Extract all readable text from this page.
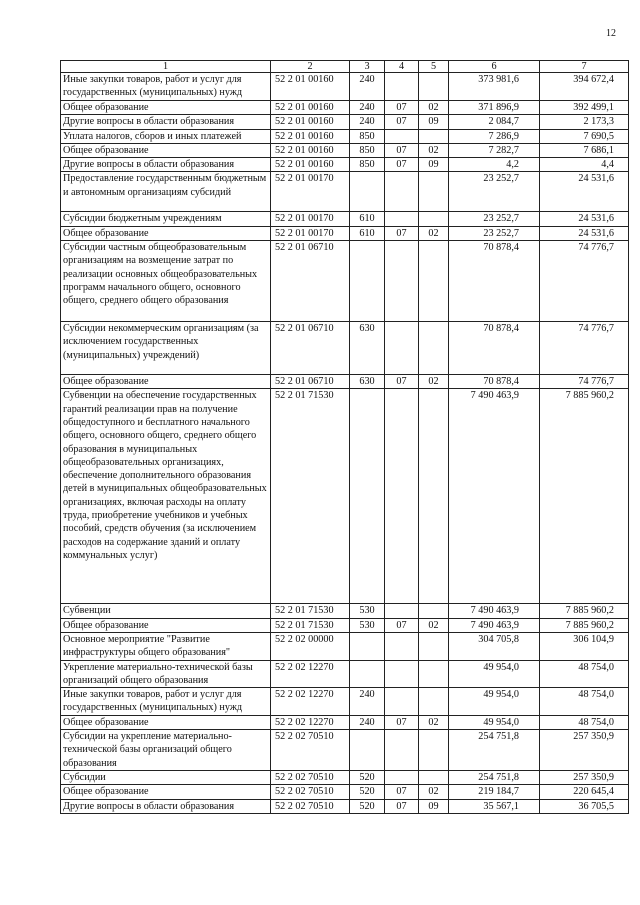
12
1	2	3	4	5	6	7
Иные закупки товаров, работ и услуг для государственных (муниципальных) нужд	52 2 01 00160	240			373 981,6	394 672,4
Общее образование	52 2 01 00160	240	07	02	371 896,9	392 499,1
Другие вопросы в области образования	52 2 01 00160	240	07	09	2 084,7	2 173,3
Уплата налогов, сборов и иных платежей	52 2 01 00160	850			7 286,9	7 690,5
Общее образование	52 2 01 00160	850	07	02	7 282,7	7 686,1
Другие вопросы в области образования	52 2 01 00160	850	07	09	4,2	4,4
Предоставление государственным бюджетным и автономным организациям субсидий	52 2 01 00170				23 252,7	24 531,6
Субсидии бюджетным учреждениям	52 2 01 00170	610			23 252,7	24 531,6
Общее образование	52 2 01 00170	610	07	02	23 252,7	24 531,6
Субсидии частным общеобразовательным организациям на возмещение затрат по реализации основных общеобразовательных программ начального общего, основного общего, среднего общего образования	52 2 01 06710				70 878,4	74 776,7
Субсидии некоммерческим организациям (за исключением государственных (муниципальных) учреждений)	52 2 01 06710	630			70 878,4	74 776,7
Общее образование	52 2 01 06710	630	07	02	70 878,4	74 776,7
Субвенции на обеспечение государственных гарантий реализации прав на получение общедоступного и бесплатного начального общего, основного общего, среднего общего образования в муниципальных общеобразовательных организациях, обеспечение дополнительного образования детей в муниципальных общеобразовательных организациях, включая расходы на оплату труда, приобретение учебников и учебных пособий, средств обучения (за исключением расходов на содержание зданий и оплату коммунальных услуг)	52 2 01 71530				7 490 463,9	7 885 960,2
Субвенции	52 2 01 71530	530			7 490 463,9	7 885 960,2
Общее образование	52 2 01 71530	530	07	02	7 490 463,9	7 885 960,2
Основное мероприятие "Развитие инфраструктуры общего образования"	52 2 02 00000				304 705,8	306 104,9
Укрепление материально-технической базы организаций общего образования	52 2 02 12270				49 954,0	48 754,0
Иные закупки товаров, работ и услуг для государственных (муниципальных) нужд	52 2 02 12270	240			49 954,0	48 754,0
Общее образование	52 2 02 12270	240	07	02	49 954,0	48 754,0
Субсидии на укрепление материально-технической базы организаций общего образования	52 2 02 70510				254 751,8	257 350,9
Субсидии	52 2 02 70510	520			254 751,8	257 350,9
Общее образование	52 2 02 70510	520	07	02	219 184,7	220 645,4
Другие вопросы в области образования	52 2 02 70510	520	07	09	35 567,1	36 705,5
